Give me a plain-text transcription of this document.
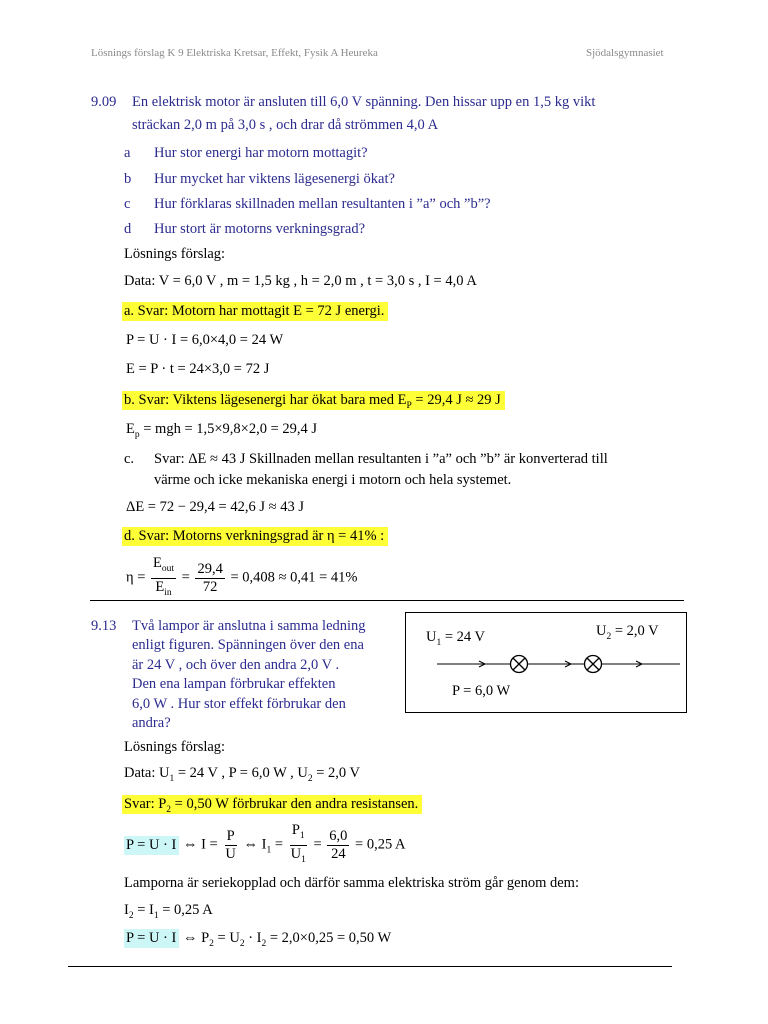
Lösnings förslag K 9 Elektriska Kretsar, Effekt, Fysik A Heureka	Sjödalsgymnasiet
9.09 En elektrisk motor är ansluten till 6,0 V spänning. Den hissar upp en 1,5 kg vikt
sträckan 2,0 m på 3,0 s , och drar då strömmen 4,0 A
a Hur stor energi har motorn mottagit?
b Hur mycket har viktens lägesenergi ökat?
c Hur förklaras skillnaden mellan resultanten i ”a” och ”b”?
d Hur stort är motorns verkningsgrad?
Lösnings förslag:
Data: V = 6,0 V , m = 1,5 kg , h = 2,0 m , t = 3,0 s , I = 4,0 A
a. Svar: Motorn har mottagit E = 72 J energi.
P = U · I = 6,0×4,0 = 24 W
E = P · t = 24×3,0 = 72 J
b. Svar: Viktens lägesenergi har ökat bara med $E_P = 29,4$ J ≈ 29 J
$E_p$ = mgh = 1,5×9,8×2,0 = 29,4 J
c. Svar: ΔE ≈ 43 J Skillnaden mellan resultanten i ”a” och ”b” är konverterad till
värme och icke mekaniska energi i motorn och hela systemet.
ΔE = 72 − 29,4 = 42,6 J ≈ 43 J
d. Svar: Motorns verkningsgrad är η = 41% :
$\eta = \frac{E_{out}}{E_{in}} = \frac{29,4}{72} = 0,408 \approx 0,41 = 41\%$
9.13 Två lampor är anslutna i samma ledning
enligt figuren. Spänningen över den ena
är 24 V , och över den andra 2,0 V .
Den ena lampan förbrukar effekten
6,0 W . Hur stor effekt förbrukar den
andra?
$U_1 = 24$ V	$U_2 = 2,0$ V
P = 6,0 W
Lösnings förslag:
Data: $U_1 = 24$ V , P = 6,0 W , $U_2 = 2,0$ V
Svar: $P_2 = 0,50$ W förbrukar den andra resistansen.
P = U · I ⇔ $I = \frac{P}{U}$ ⇔ $I_1 = \frac{P_1}{U_1} = \frac{6,0}{24} = 0,25$ A
Lamporna är seriekopplad och därför samma elektriska ström går genom dem:
$I_2 = I_1 = 0,25$ A
P = U · I ⇔ $P_2 = U_2 \cdot I_2 = 2,0\times 0,25 = 0,50$ W
